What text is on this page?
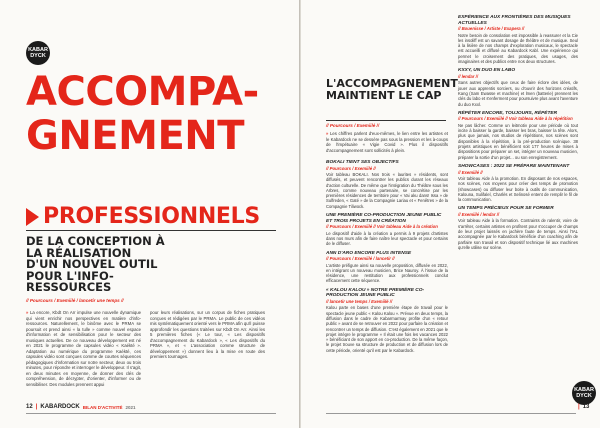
KABAR
DYCK
ACCOMPA-
GNEMENT
PROFESSIONNELS
DE LA CONCEPTION À LA RÉALISATION D'UN NOUVEL OUTIL POUR L'INFO-RESSOURCES
// Pourcours / Exemiilé / lancetir une temps //
» La encore, Kbdt On Arr impulse une nouvelle dynamique qui vient enrichir nos perspectives en matière d'info-ressources. Naturellement, le binôme avec le PRMA se poursuit et prend ainsi « la tulle » comme nouvel espace d'information et de sensibilisation pour le secteur des musiques actuelles. De ce nouveau développement est né en 2021 le programme de capsules vidéo « Kaékté ». Adaptation au numérique du programme Kaékté, ces capsules vidéo sont conçues comme de courtes séquences pédagogiques d'information sur notre secteur, deux ou trois minutes, pour répondre et interroger le développeur. Il s'agit, en deux minutes en moyenne, de donner des clés de compréhension, de décrypter, d'orienter, d'informer ou de sensibiliser. Des modules prennent appui
pour leurs réalisations, sur un corpus de fiches pratiques conçues et rédigées par le PRMA. Le public de ces vidéos mis systématiquement orienté vers le PRMA afin qu'il puisse approfondir les questions traitées sur Kbdt On Arr. Ainsi les 5 premières fiches (« Le tour, « Les dispositifs d'accompagnement du Kabardock », « Les dispositifs du PRMA », et « L'association comme structure de développement ») donnent lieu à la mise en route des premiers tournages.
12 | KABARDOCK BILAN D'ACTIVITÉ 2021
L'ACCOMPAGNEMENT MAINTIENT LE CAP
// Pourcours / Exemiilé //
» Les chiffres parlent d'eux-mêmes, le lien entre les artistes et le Kabardock ne se dessère pas sous la pression et les à-coups de l'impétuaire « Vigie Covid ». Plus il dispositifs d'accompagnement sont sollicités à plein.
BOKALI TIENT SES OBJECTIFS
// Pourcours / Exemiilé //
Voir tableau BOKALI. Nos trois « laurites » résidents, sont diffusés, et peuvent rencontrer les publics durant les réseaux d'action culturelle. De même que l'intégration du Théâtre sous les Arbres, comme nouveau partenaire, se concrétise par les premières résidences de territoire pour « Vai aku dans! Issa » de Sulfreden, « Gaté » de la Compagnie Lariau et « Fenêtres » de la Compagnie Tiliwock.
UNE PREMIÈRE CO-PRODUCTION JEUNE PUBLIC ET TROIS PROJETS EN CRÉATION
// Pourcours / Exemiilé // Voir tableau Aide à la création
Le dispositif d'aide à la création a permis à 9 projets d'artistes dans nos murs afin de faire naître leur spectacle et pour certains de le diffuser.
ANN D'ARO ENCORE PLUS INTENSE
// Pourcours / Exemiilé / lancetir //
L'artiste préfigure ainsi sa nouvelle proposition, diffusée en 2022, en intégrant un nouveau musicien, Brice Nauroy. À l'issue de la résidence, une restitution aux professionnels conclut efficacement cette séquence.
« KALOU KALOU » NOTRE PREMIÈRE CO-PRODUCTION JEUNE PUBLIC
// lancetir une temps / Exemiilé //
Kalou parte en bases d'une première étape de travail pour le spectacle jeune public « Kalou Kalou ». Prévue en deux temps, la diffusion dans le cadre de Kabarmarmay profite d'un « retour public » avant de se retrouver en 2022 pour parfaire la création et rencontrer un temps de diffusion. C'est également en 2021 que le projet intègre le programme « Il était une fois les vacances 2022 » bénéficiant de son apport en co-production. De la même façon, le projet trouve sa structure de production et de diffusion lors de cette période, orienté qu'il est par le Kabardock.
EXPÉRIENCE AUX FRONTIÈRES DES MUSIQUES ACTUELLES
// Bouenisse / Artiste / Exapera //
Notre besoin de consolation est impossible à reassurer et la Cie les insoliff est un savant dosage de théâtre et de musique. Seul à la lisière de nos champs d'exploration musicaux, le spectacle est accueilli et diffusé au Kabardock Kabl. Une expérience qui permet le croisement des pratiques, des usages, des imaginaires et des publics entre nos deux structures.
KXXY, UN DUO EN LABO
// lendar //
Sans autres objectifs que ceux de faire éclore des idées, de jouer aux apprentis sorciers, ou d'ouvrir des horizons créatifs, Kang (Sam Ewasse et machine) et lmen (batterie) prennent les clés du labo et s'enferment pour poursuivre plus avant l'aventure du duo Kxxl.
RÉPÉTER ENCORE, TOUJOURS, RÉPÉTER
// Pourcours / Exemiilé // Voir tableau Aide à la répétition
Ne pas lâcher. Comme un leitmotiv pour une période où tout incite à baisser la garde, baisser les bras, baisser la tête. Alors, plus que jamais, nos studios de répétitions, nos scènes sont disponibles à la répétition, à la pré-production scénique. 38 projets artistiques en bénéficient soit 177 heures de mises à dispositions pour préparer un set, intégrer un nouveau musicien, préparer la sortie d'un projet... ou son enregistrement.
SHOWCASES : 2022 SE PRÉPARE MAINTENANT
// Exemiilé //
Voir tableau Aide à la promotion. En disposant de nos espaces, nos scènes, nos moyens pour créer des temps de promotion (showcases) ou diffuser leur boite à outils de communication, Kalouna, Sulifalel, Charlès et Selinosé entent de remplir le fil de la communication.
UN TEMPS PRÉCIEUX POUR SE FORMER
// Exemiilé / lendar //
Voir tableau Aide à la formation. Contraints de ralentir, voire de s'arrêter, certains artistes en profitent pour s'occuper de champs de leur projet laissés en jachère faute de temps. Ainsi l'IAL accompagnée par le Kabardock bénéficie d'un coaching afin de parfaire son travail et son dispositif technique lié aux machines qu'elle utilise sur scène.
KABAR
DYCK
| 13
